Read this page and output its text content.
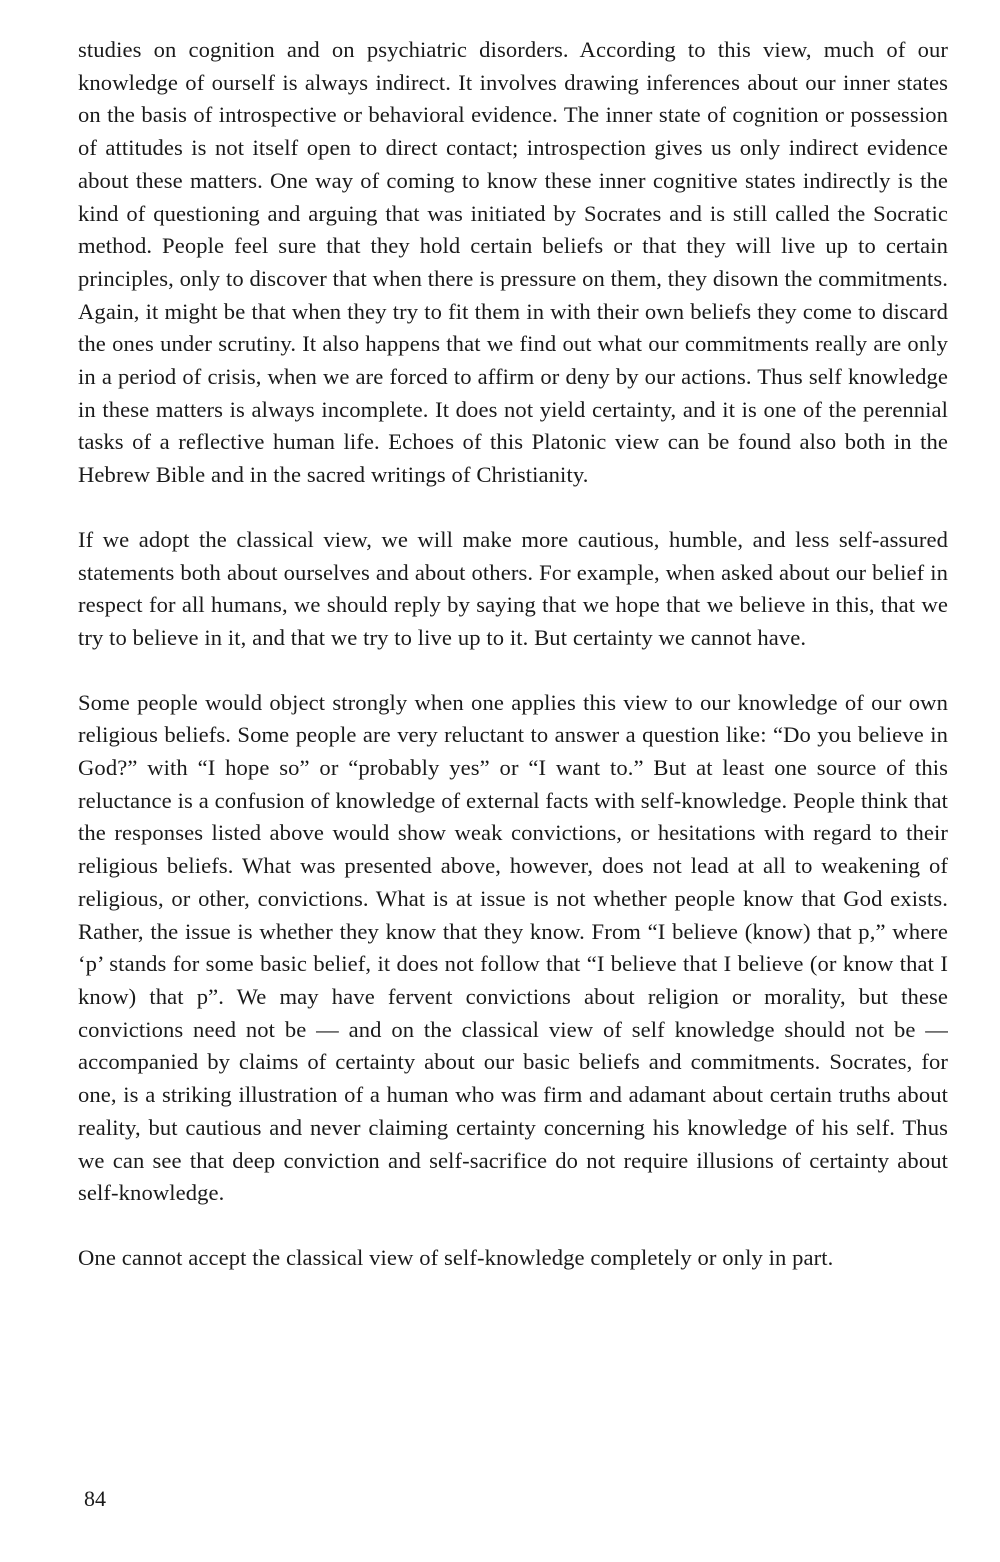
studies on cognition and on psychiatric disorders. According to this view, much of our knowledge of ourself is always indirect. It involves drawing inferences about our inner states on the basis of introspective or behavioral evidence. The inner state of cognition or possession of attitudes is not itself open to direct contact; introspection gives us only indirect evidence about these matters. One way of coming to know these inner cognitive states indirectly is the kind of questioning and arguing that was initiated by Socrates and is still called the Socratic method. People feel sure that they hold certain beliefs or that they will live up to certain principles, only to discover that when there is pressure on them, they disown the commitments. Again, it might be that when they try to fit them in with their own beliefs they come to discard the ones under scrutiny. It also happens that we find out what our commitments really are only in a period of crisis, when we are forced to affirm or deny by our actions. Thus self knowledge in these matters is always incomplete. It does not yield certainty, and it is one of the perennial tasks of a reflective human life. Echoes of this Platonic view can be found also both in the Hebrew Bible and in the sacred writings of Christianity.

If we adopt the classical view, we will make more cautious, humble, and less self-assured statements both about ourselves and about others. For example, when asked about our belief in respect for all humans, we should reply by saying that we hope that we believe in this, that we try to believe in it, and that we try to live up to it. But certainty we cannot have.

Some people would object strongly when one applies this view to our knowledge of our own religious beliefs. Some people are very reluctant to answer a question like: “Do you believe in God?” with “I hope so” or “probably yes” or “I want to.” But at least one source of this reluctance is a confusion of knowledge of external facts with self-knowledge. People think that the responses listed above would show weak convictions, or hesitations with regard to their religious beliefs. What was presented above, however, does not lead at all to weakening of religious, or other, convictions. What is at issue is not whether people know that God exists. Rather, the issue is whether they know that they know. From “I believe (know) that p,” where ‘p’ stands for some basic belief, it does not follow that “I believe that I believe (or know that I know) that p”. We may have fervent convictions about religion or morality, but these convictions need not be — and on the classical view of self knowledge should not be — accompanied by claims of certainty about our basic beliefs and commitments. Socrates, for one, is a striking illustration of a human who was firm and adamant about certain truths about reality, but cautious and never claiming certainty concerning his knowledge of his self. Thus we can see that deep conviction and self-sacrifice do not require illusions of certainty about self-knowledge.

One cannot accept the classical view of self-knowledge completely or only in part.

84
